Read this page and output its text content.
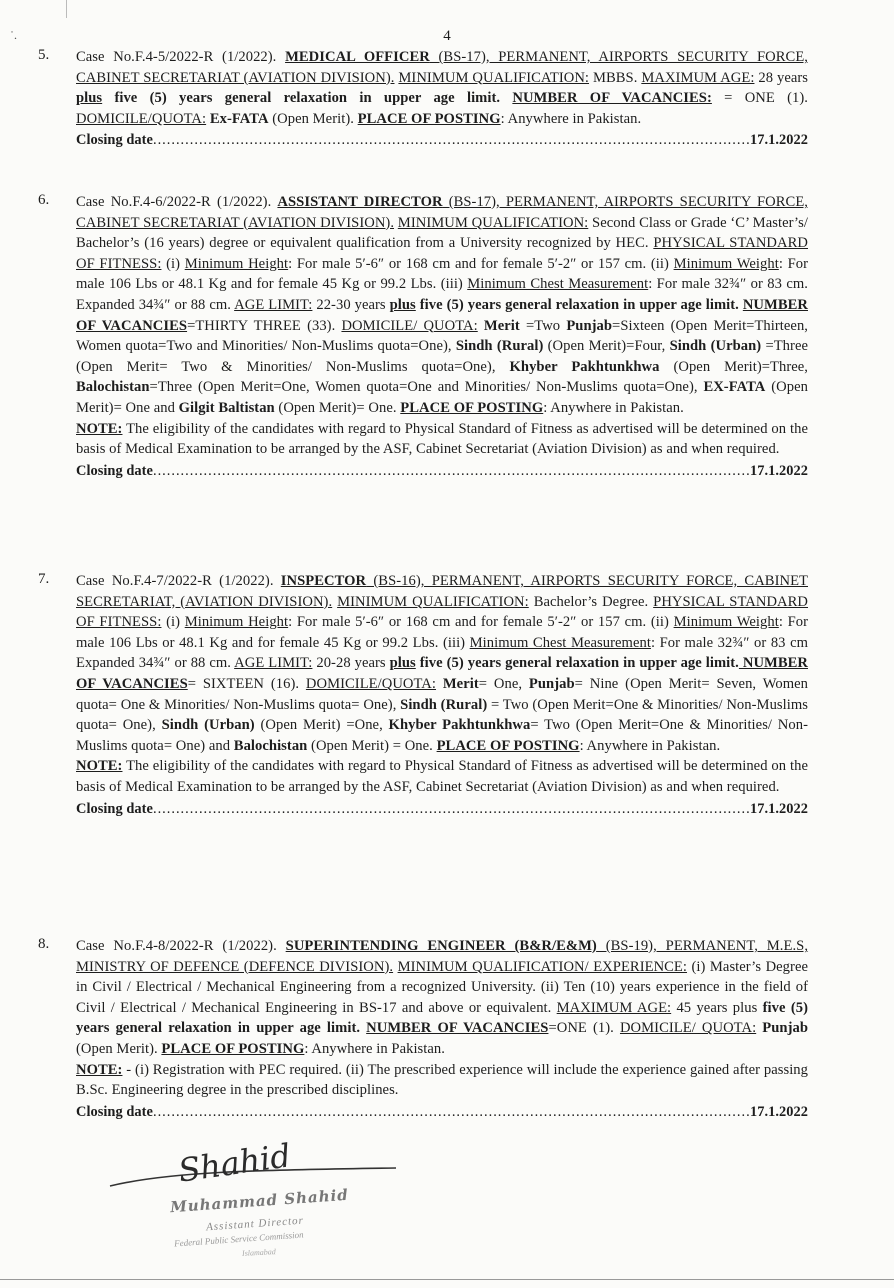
˙.	4
5. Case No.F.4-5/2022-R (1/2022). MEDICAL OFFICER (BS-17), PERMANENT, AIRPORTS SECURITY FORCE, CABINET SECRETARIAT (AVIATION DIVISION). MINIMUM QUALIFICATION: MBBS. MAXIMUM AGE: 28 years plus five (5) years general relaxation in upper age limit. NUMBER OF VACANCIES: = ONE (1). DOMICILE/QUOTA: Ex-FATA (Open Merit). PLACE OF POSTING: Anywhere in Pakistan.
Closing date .....	17.1.2022
6. Case No.F.4-6/2022-R (1/2022). ASSISTANT DIRECTOR (BS-17), PERMANENT, AIRPORTS SECURITY FORCE, CABINET SECRETARIAT (AVIATION DIVISION). MINIMUM QUALIFICATION: Second Class or Grade ‘C’ Master’s/ Bachelor’s (16 years) degree or equivalent qualification from a University recognized by HEC. PHYSICAL STANDARD OF FITNESS: (i) Minimum Height: For male 5′-6″ or 168 cm and for female 5′-2″ or 157 cm. (ii) Minimum Weight: For male 106 Lbs or 48.1 Kg and for female 45 Kg or 99.2 Lbs. (iii) Minimum Chest Measurement: For male 32¾″ or 83 cm. Expanded 34¾″ or 88 cm. AGE LIMIT: 22-30 years plus five (5) years general relaxation in upper age limit. NUMBER OF VACANCIES=THIRTY THREE (33). DOMICILE/ QUOTA: Merit =Two Punjab=Sixteen (Open Merit=Thirteen, Women quota=Two and Minorities/ Non-Muslims quota=One), Sindh (Rural) (Open Merit)=Four, Sindh (Urban) =Three (Open Merit= Two & Minorities/ Non-Muslims quota=One), Khyber Pakhtunkhwa (Open Merit)=Three, Balochistan=Three (Open Merit=One, Women quota=One and Minorities/ Non-Muslims quota=One), EX-FATA (Open Merit)= One and Gilgit Baltistan (Open Merit)= One. PLACE OF POSTING: Anywhere in Pakistan.
NOTE: The eligibility of the candidates with regard to Physical Standard of Fitness as advertised will be determined on the basis of Medical Examination to be arranged by the ASF, Cabinet Secretariat (Aviation Division) as and when required.
Closing date .....	17.1.2022
7. Case No.F.4-7/2022-R (1/2022). INSPECTOR (BS-16), PERMANENT, AIRPORTS SECURITY FORCE, CABINET SECRETARIAT, (AVIATION DIVISION). MINIMUM QUALIFICATION: Bachelor’s Degree. PHYSICAL STANDARD OF FITNESS: (i) Minimum Height: For male 5′-6″ or 168 cm and for female 5′-2″ or 157 cm. (ii) Minimum Weight: For male 106 Lbs or 48.1 Kg and for female 45 Kg or 99.2 Lbs. (iii) Minimum Chest Measurement: For male 32¾″ or 83 cm Expanded 34¾″ or 88 cm. AGE LIMIT: 20-28 years plus five (5) years general relaxation in upper age limit. NUMBER OF VACANCIES= SIXTEEN (16). DOMICILE/QUOTA: Merit= One, Punjab= Nine (Open Merit= Seven, Women quota= One & Minorities/ Non-Muslims quota= One), Sindh (Rural) = Two (Open Merit=One & Minorities/ Non-Muslims quota= One), Sindh (Urban) (Open Merit) =One, Khyber Pakhtunkhwa= Two (Open Merit=One & Minorities/ Non-Muslims quota= One) and Balochistan (Open Merit) = One. PLACE OF POSTING: Anywhere in Pakistan.
NOTE: The eligibility of the candidates with regard to Physical Standard of Fitness as advertised will be determined on the basis of Medical Examination to be arranged by the ASF, Cabinet Secretariat (Aviation Division) as and when required.
Closing date .....	17.1.2022
8. Case No.F.4-8/2022-R (1/2022). SUPERINTENDING ENGINEER (B&R/E&M) (BS-19), PERMANENT, M.E.S, MINISTRY OF DEFENCE (DEFENCE DIVISION). MINIMUM QUALIFICATION/ EXPERIENCE: (i) Master’s Degree in Civil / Electrical / Mechanical Engineering from a recognized University. (ii) Ten (10) years experience in the field of Civil / Electrical / Mechanical Engineering in BS-17 and above or equivalent. MAXIMUM AGE: 45 years plus five (5) years general relaxation in upper age limit. NUMBER OF VACANCIES=ONE (1). DOMICILE/ QUOTA: Punjab (Open Merit). PLACE OF POSTING: Anywhere in Pakistan.
NOTE: - (i) Registration with PEC required. (ii) The prescribed experience will include the experience gained after passing B.Sc. Engineering degree in the prescribed disciplines.
Closing date .....	17.1.2022
Shahid
Muhammad Shahid
Assistant Director
Federal Public Service Commission
Islamabad
